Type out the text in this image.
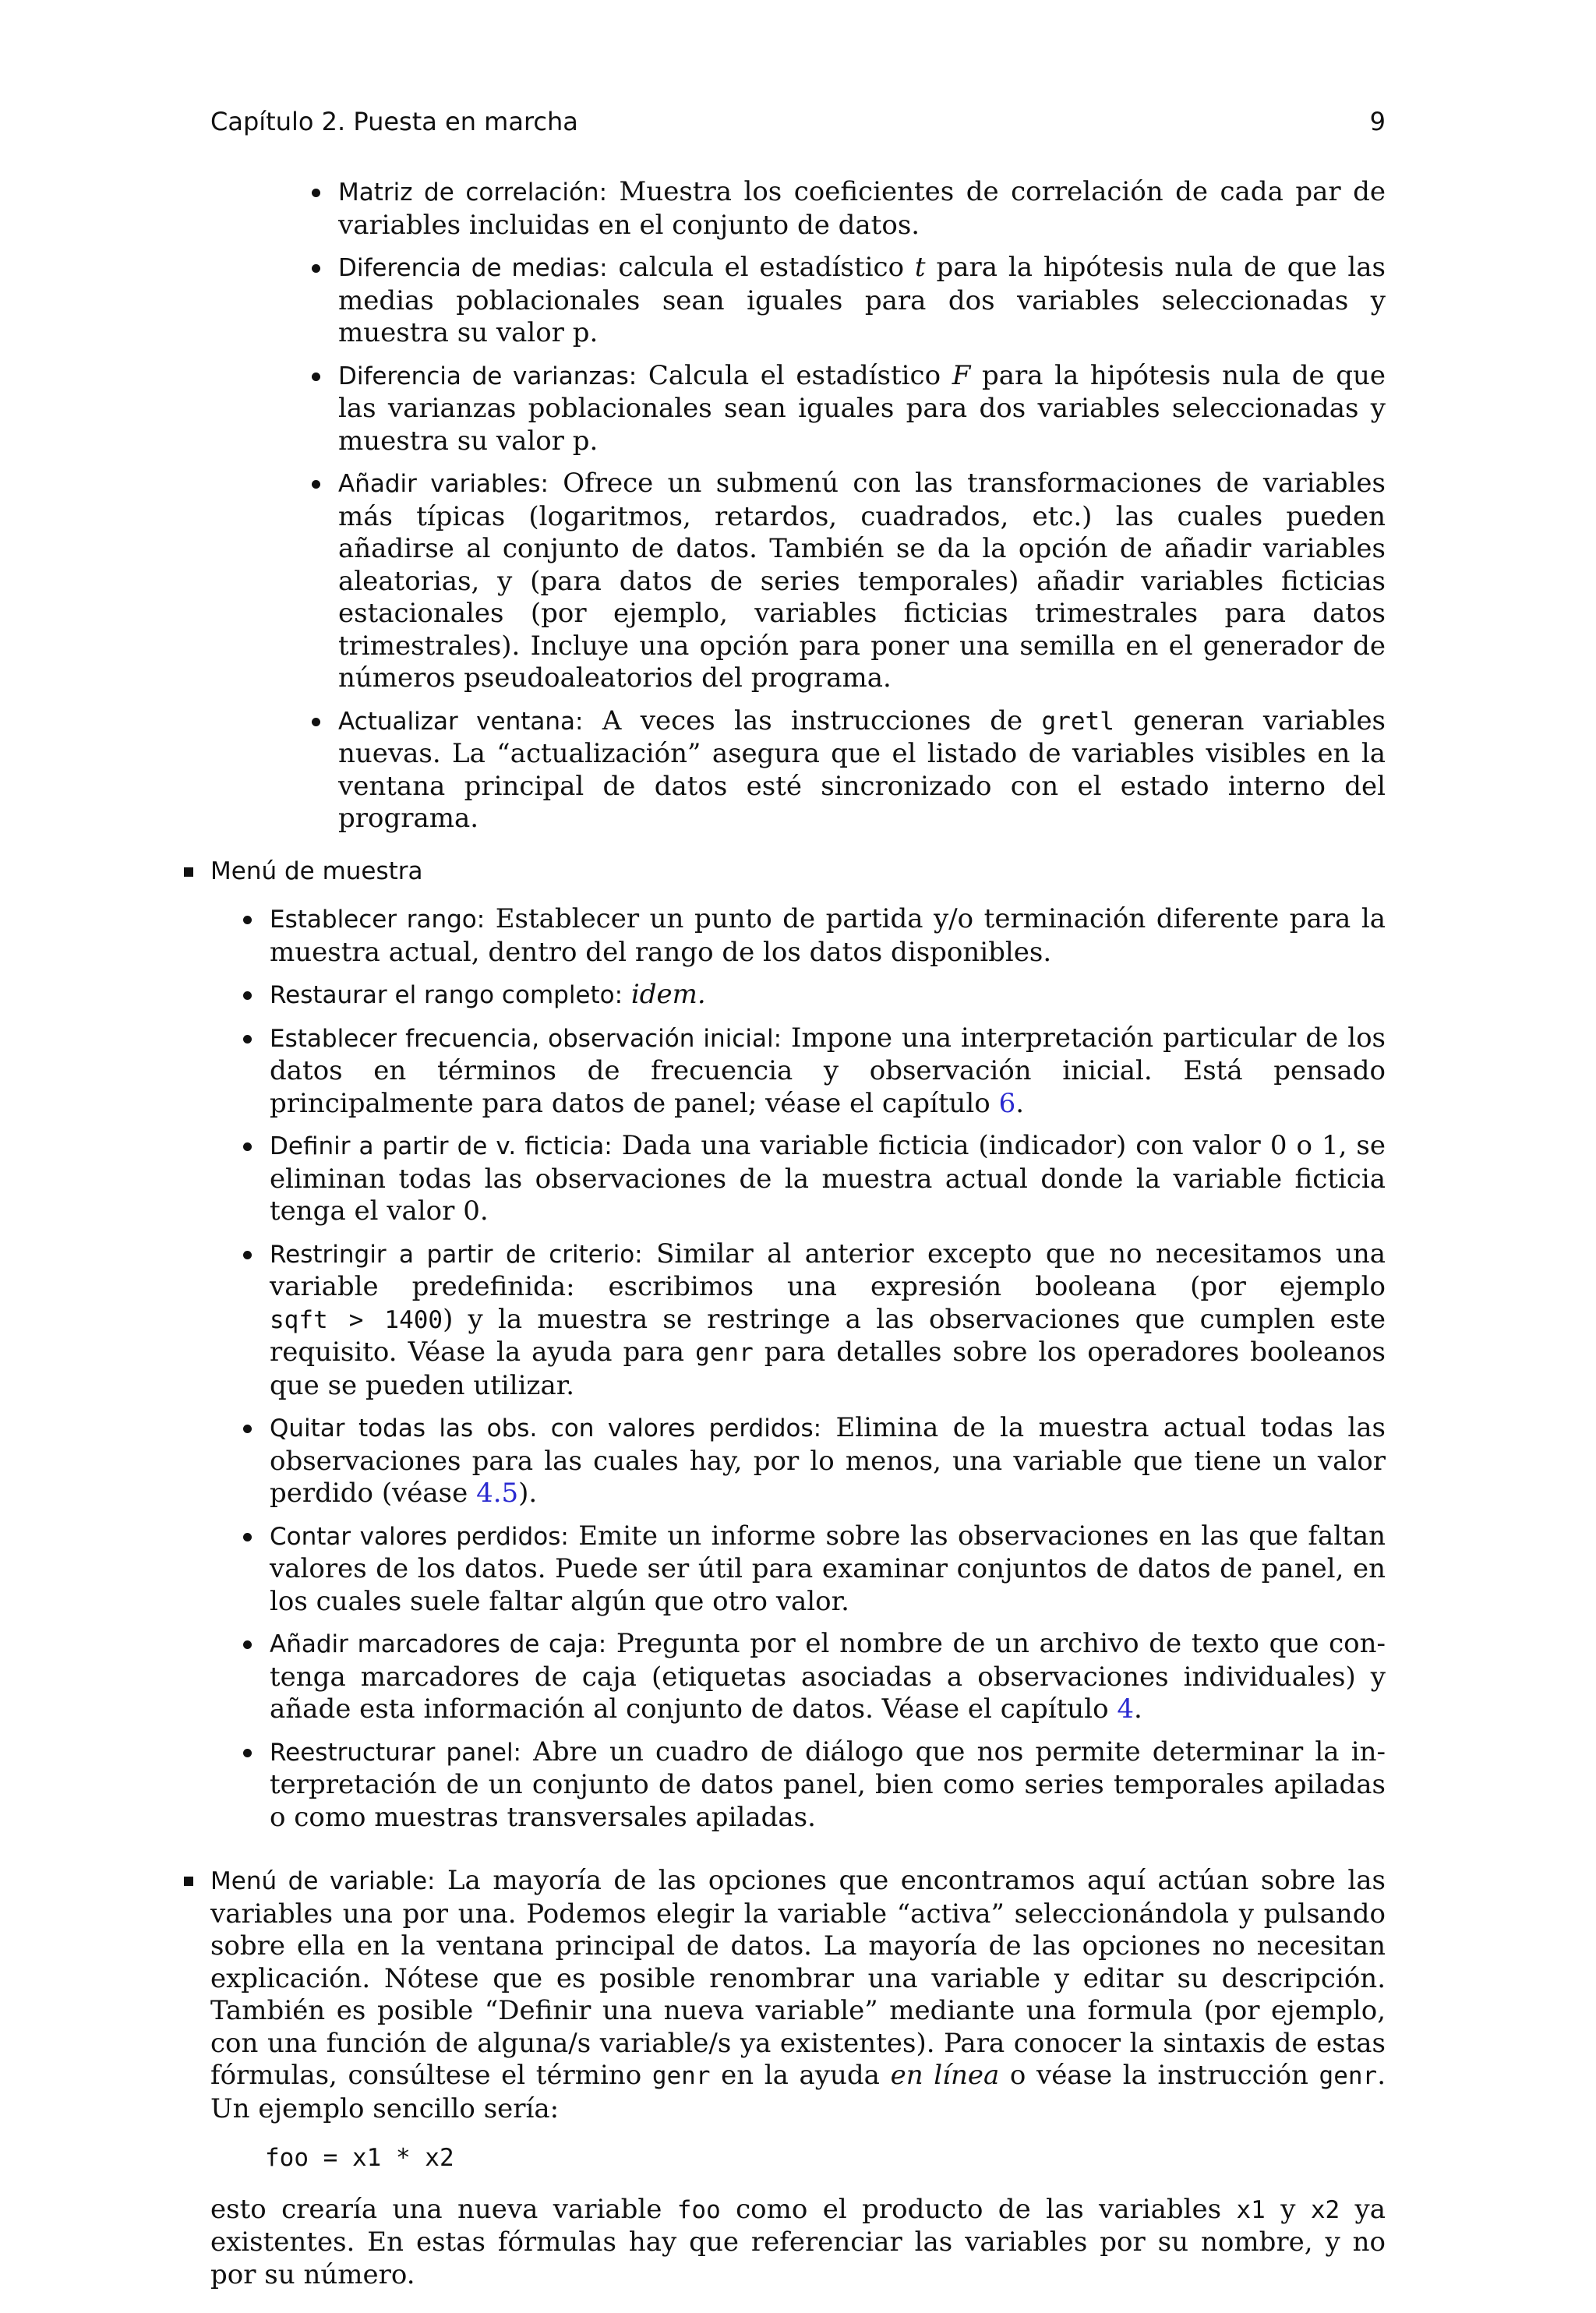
Capítulo 2. Puesta en marcha	9
Matriz de correlación: Muestra los coeficientes de correlación de cada par de variables incluidas en el conjunto de datos.
Diferencia de medias: calcula el estadístico t para la hipótesis nula de que las medias poblacionales sean iguales para dos variables seleccionadas y muestra su valor p.
Diferencia de varianzas: Calcula el estadístico F para la hipótesis nula de que las varianzas poblacionales sean iguales para dos variables seleccionadas y muestra su valor p.
Añadir variables: Ofrece un submenú con las transformaciones de variables más típicas (logaritmos, retardos, cuadrados, etc.) las cuales pueden añadirse al conjunto de datos. También se da la opción de añadir variables aleatorias, y (para datos de series temporales) añadir variables ficticias estacionales (por ejemplo, variables ficticias trimestrales para datos trimestrales). Incluye una opción para poner una semilla en el generador de números pseudoaleatorios del programa.
Actualizar ventana: A veces las instrucciones de gretl generan variables nuevas. La “actualización” asegura que el listado de variables visibles en la ventana principal de datos esté sincronizado con el estado interno del programa.
Menú de muestra
Establecer rango: Establecer un punto de partida y/o terminación diferente para la muestra actual, dentro del rango de los datos disponibles.
Restaurar el rango completo: idem.
Establecer frecuencia, observación inicial: Impone una interpretación particular de los datos en términos de frecuencia y observación inicial. Está pensado principalmente para datos de panel; véase el capítulo 6.
Definir a partir de v. ficticia: Dada una variable ficticia (indicador) con valor 0 o 1, se eliminan todas las observaciones de la muestra actual donde la variable ficticia tenga el valor 0.
Restringir a partir de criterio: Similar al anterior excepto que no necesitamos una variable predefinida: escribimos una expresión booleana (por ejemplo sqft > 1400) y la muestra se restringe a las observaciones que cumplen este requisito. Véase la ayuda para genr para detalles sobre los operadores booleanos que se pueden utilizar.
Quitar todas las obs. con valores perdidos: Elimina de la muestra actual todas las observaciones para las cuales hay, por lo menos, una variable que tiene un valor perdido (véase 4.5).
Contar valores perdidos: Emite un informe sobre las observaciones en las que faltan valores de los datos. Puede ser útil para examinar conjuntos de datos de panel, en los cuales suele faltar algún que otro valor.
Añadir marcadores de caja: Pregunta por el nombre de un archivo de texto que contenga marcadores de caja (etiquetas asociadas a observaciones individuales) y añade esta información al conjunto de datos. Véase el capítulo 4.
Reestructurar panel: Abre un cuadro de diálogo que nos permite determinar la interpretación de un conjunto de datos panel, bien como series temporales apiladas o como muestras transversales apiladas.
Menú de variable: La mayoría de las opciones que encontramos aquí actúan sobre las variables una por una. Podemos elegir la variable “activa” seleccionándola y pulsando sobre ella en la ventana principal de datos. La mayoría de las opciones no necesitan explicación. Nótese que es posible renombrar una variable y editar su descripción. También es posible “Definir una nueva variable” mediante una formula (por ejemplo, con una función de alguna/s variable/s ya existentes). Para conocer la sintaxis de estas fórmulas, consúltese el término genr en la ayuda en línea o véase la instrucción genr. Un ejemplo sencillo sería:
foo = x1 * x2
esto crearía una nueva variable foo como el producto de las variables x1 y x2 ya existentes. En estas fórmulas hay que referenciar las variables por su nombre, y no por su número.
